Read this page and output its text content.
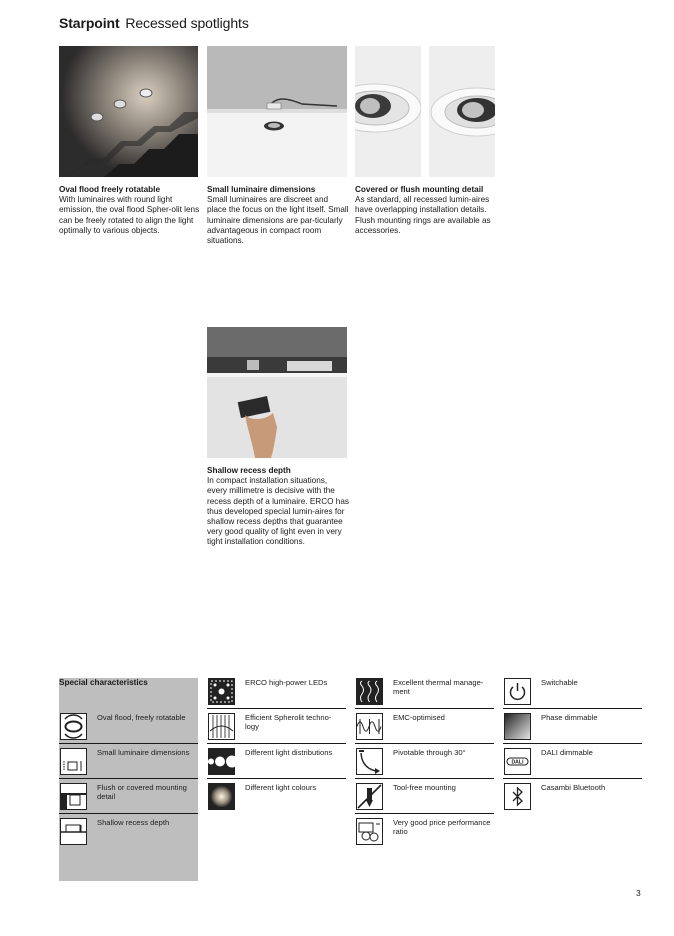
Starpoint Recessed spotlights
Oval flood freely rotatable
With luminaires with round light emission, the oval flood Spher-olit lens can be freely rotated to align the light optimally to various objects.
Small luminaire dimensions
Small luminaires are discreet and place the focus on the light itself. Small luminaire dimensions are par-ticularly advantageous in compact room situations.
Covered or flush mounting detail
As standard, all recessed lumin-aires have overlapping installation details. Flush mounting rings are available as accessories.
Shallow recess depth
In compact installation situations, every millimetre is decisive with the recess depth of a luminaire. ERCO has thus developed special lumin-aires for shallow recess depths that guarantee very good quality of light even in very tight installation conditions.
Special characteristics
Oval flood, freely rotatable
Small luminaire dimensions
Flush or covered mounting detail
Shallow recess depth
ERCO high-power LEDs
Efficient Spherolit techno-logy
Different light distributions
Different light colours
Excellent thermal manage-ment
EMC-optimised
Pivotable through 30°
Tool-free mounting
Very good price performance ratio
Switchable
Phase dimmable
DALI
DALI dimmable
Casambi Bluetooth
3
